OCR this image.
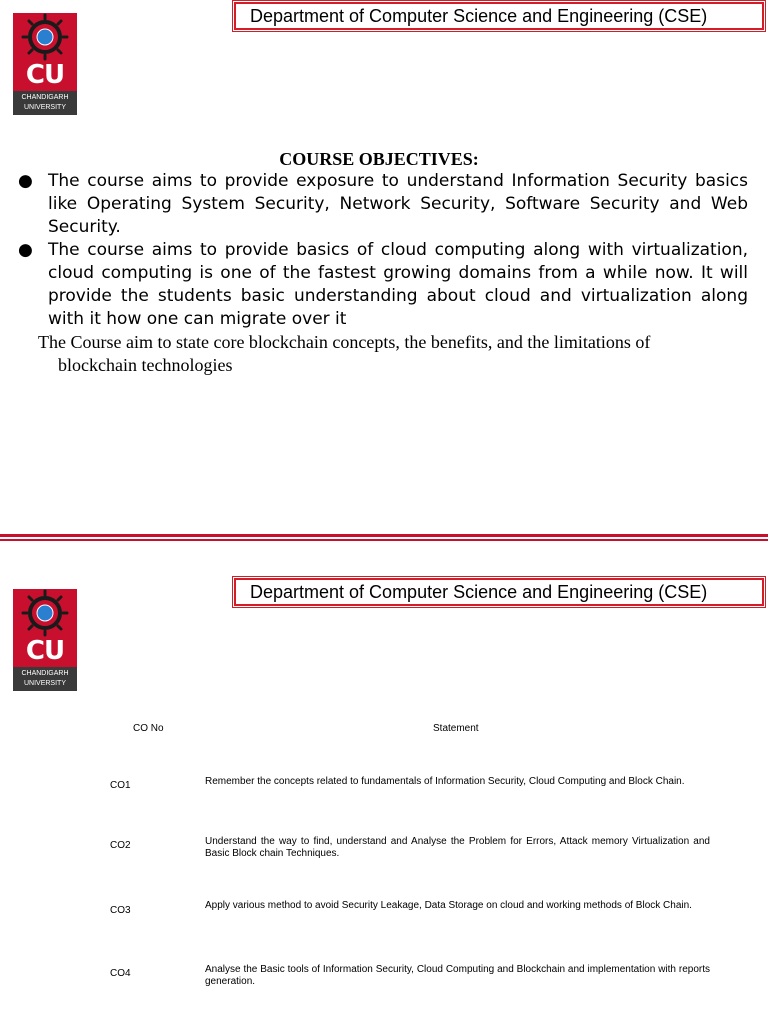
CU
CHANDIGARH
UNIVERSITY
Department of Computer Science and Engineering (CSE)
COURSE OBJECTIVES:
● The course aims to provide exposure to understand Information Security basics like Operating System Security, Network Security, Software Security and Web Security.
● The course aims to provide basics of cloud computing along with virtualization, cloud computing is one of the fastest growing domains from a while now. It will provide the students basic understanding about cloud and virtualization along with it how one can migrate over it

The Course aim to state core blockchain concepts, the benefits, and the limitations of
blockchain technologies

CU
CHANDIGARH
UNIVERSITY
Department of Computer Science and Engineering (CSE)
CO No	Statement
CO1	Remember the concepts related to fundamentals of Information Security, Cloud Computing and Block Chain.
CO2	Understand the way to find, understand and Analyse the Problem for Errors, Attack memory Virtualization and Basic Block chain Techniques.
CO3	Apply various method to avoid Security Leakage, Data Storage on cloud and working methods of Block Chain.
CO4	Analyse the Basic tools of Information Security, Cloud Computing and Blockchain and implementation with reports generation.
